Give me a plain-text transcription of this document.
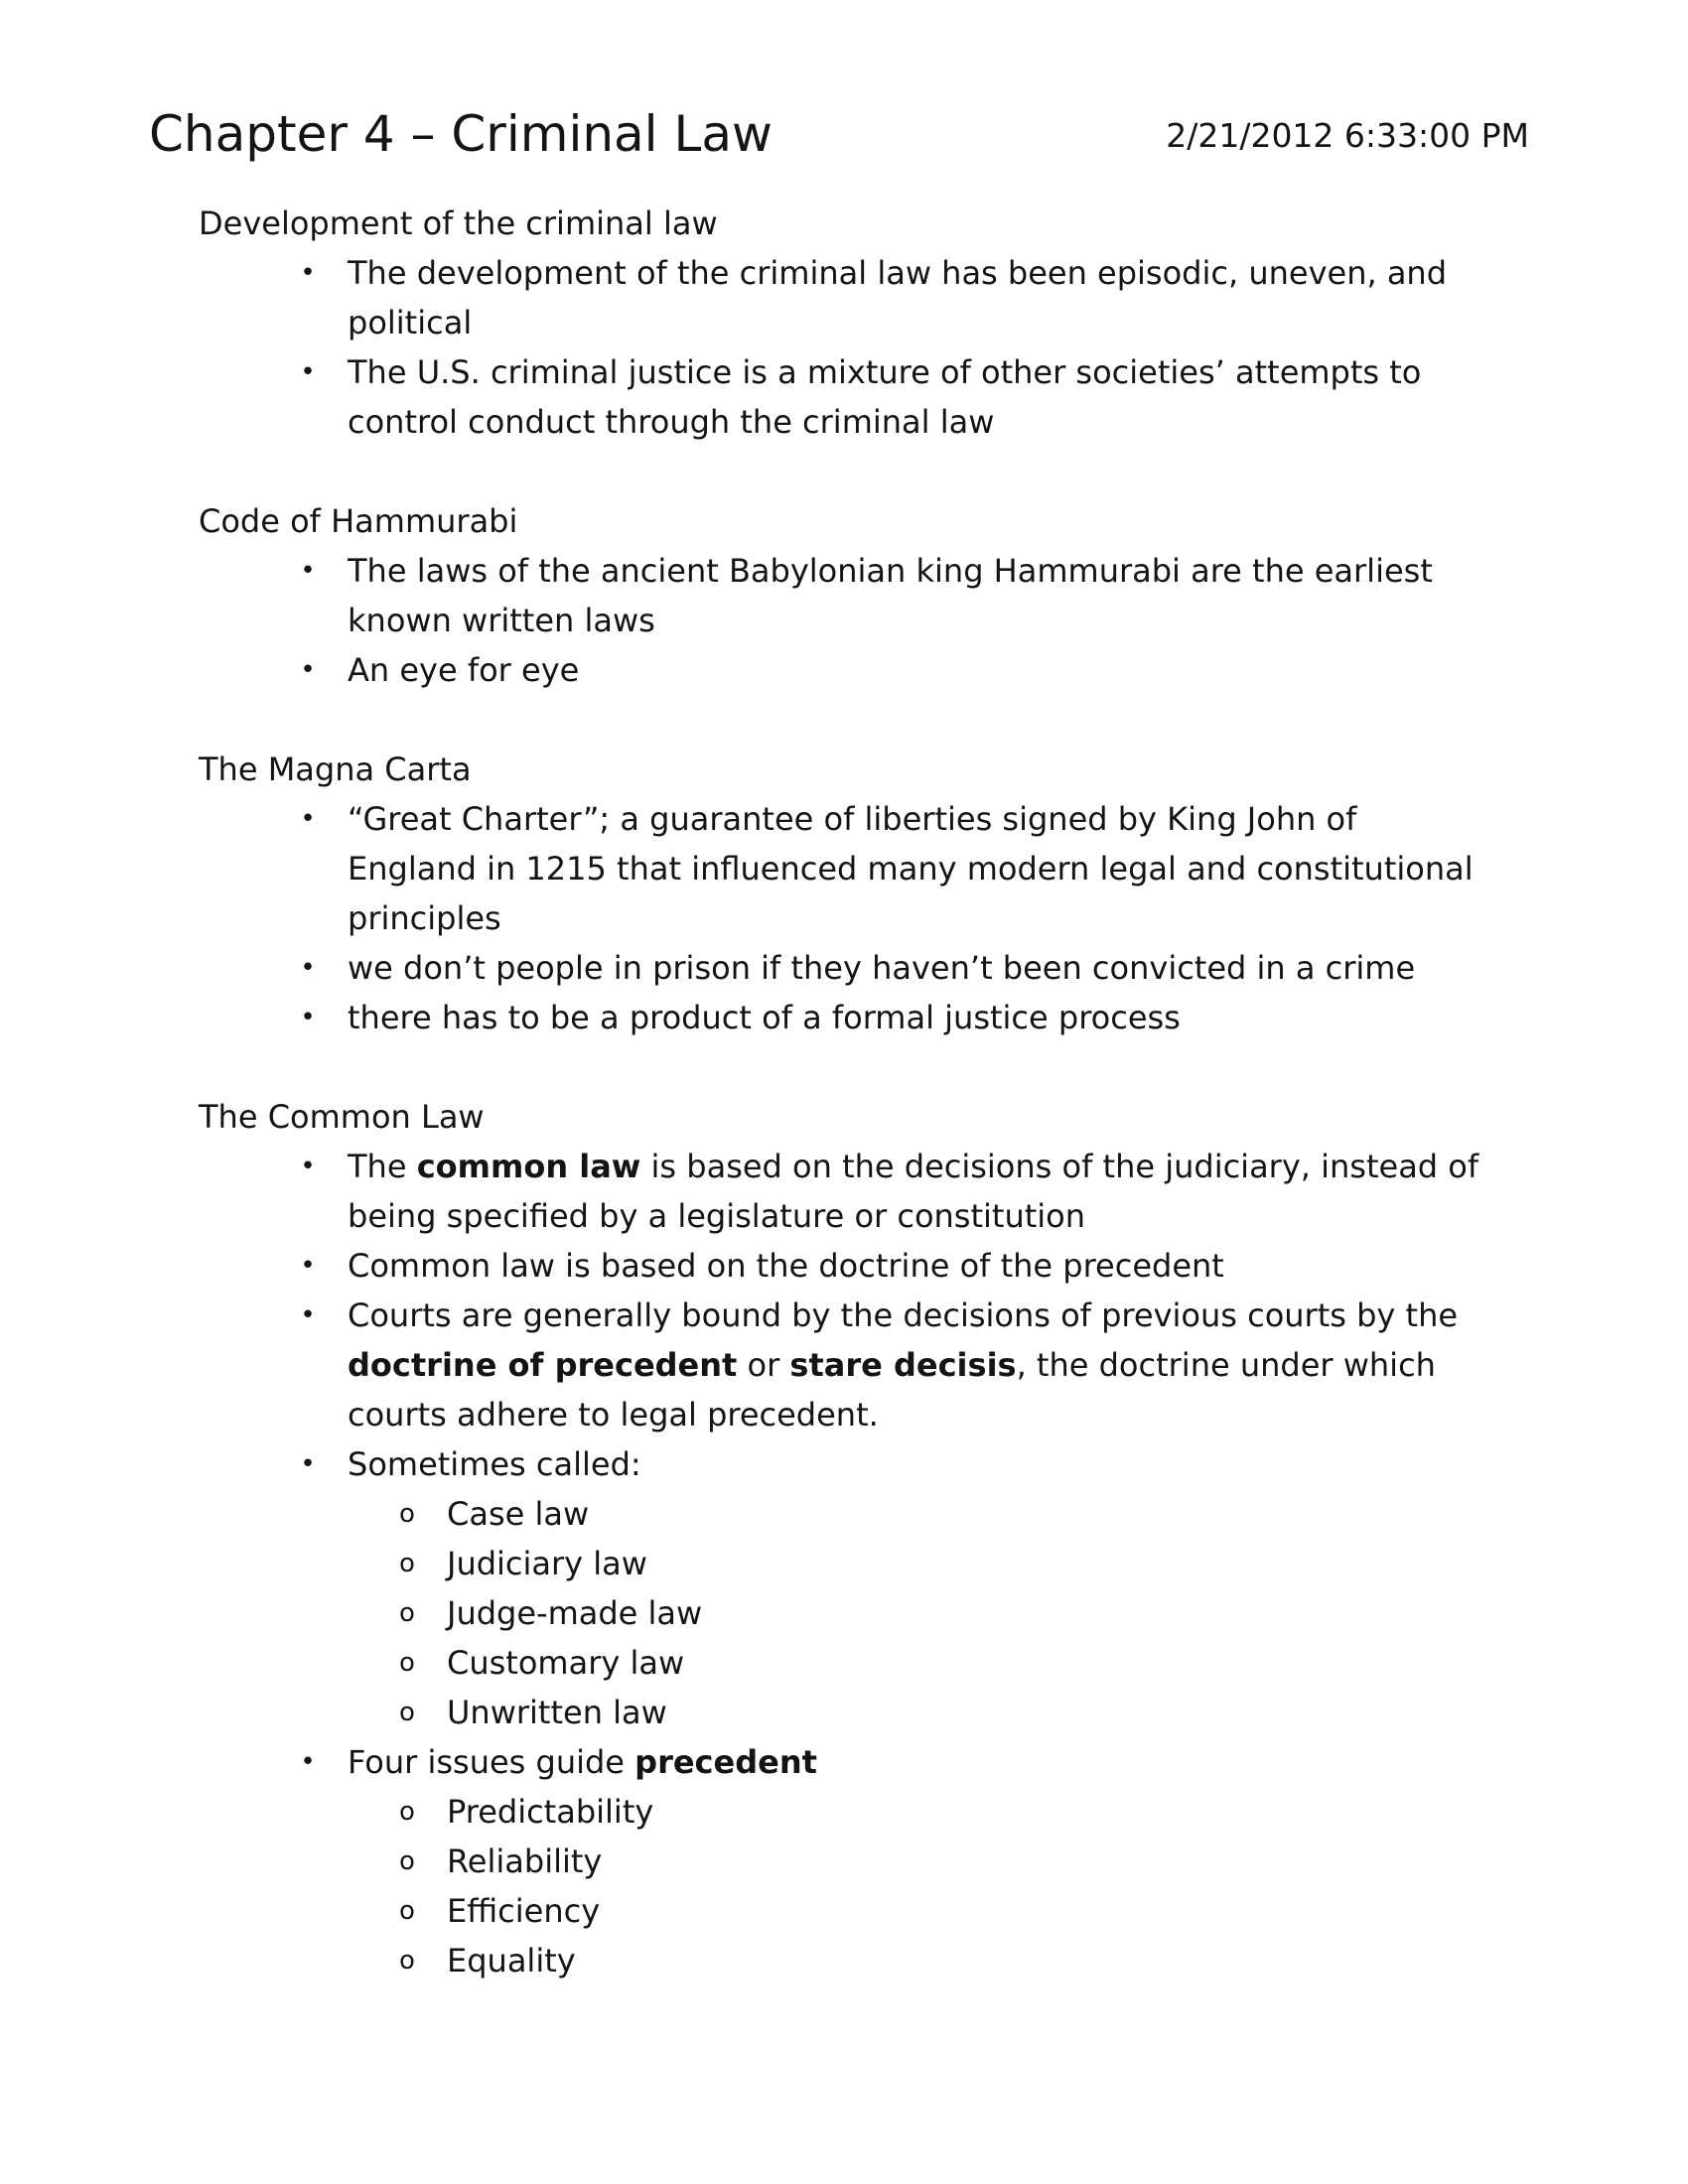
Chapter 4 – Criminal Law	2/21/2012 6:33:00 PM
Development of the criminal law
• The development of the criminal law has been episodic, uneven, and political
• The U.S. criminal justice is a mixture of other societies’ attempts to control conduct through the criminal law
Code of Hammurabi
• The laws of the ancient Babylonian king Hammurabi are the earliest known written laws
• An eye for eye
The Magna Carta
• “Great Charter”; a guarantee of liberties signed by King John of England in 1215 that influenced many modern legal and constitutional principles
• we don’t people in prison if they haven’t been convicted in a crime
• there has to be a product of a formal justice process
The Common Law
• The common law is based on the decisions of the judiciary, instead of being specified by a legislature or constitution
• Common law is based on the doctrine of the precedent
• Courts are generally bound by the decisions of previous courts by the doctrine of precedent or stare decisis, the doctrine under which courts adhere to legal precedent.
• Sometimes called:
o Case law
o Judiciary law
o Judge-made law
o Customary law
o Unwritten law
• Four issues guide precedent
o Predictability
o Reliability
o Efficiency
o Equality
